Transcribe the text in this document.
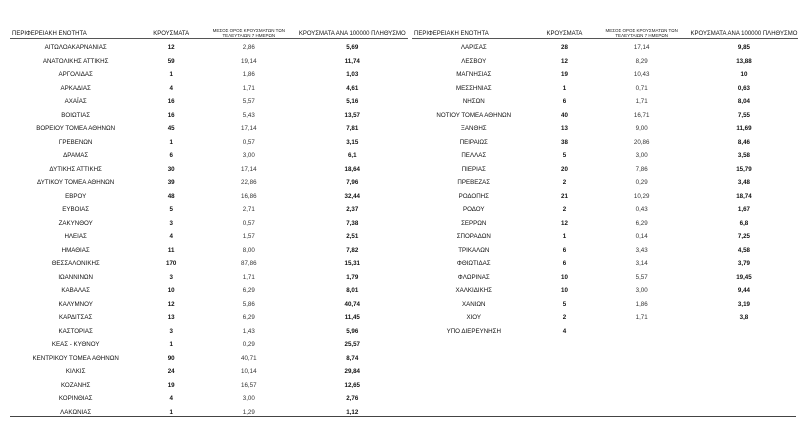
ΠΕΡΙΦΕΡΕΙΑΚΗ ΕΝΟΤΗΤΑ	ΚΡΟΥΣΜΑΤΑ	ΜΕΣΟΣ ΟΡΟΣ ΚΡΟΥΣΜΑΤΩΝ ΤΩΝ ΤΕΛΕΥΤΑΙΩΝ 7 ΗΜΕΡΩΝ	ΚΡΟΥΣΜΑΤΑ ΑΝΑ 100000 ΠΛΗΘΥΣΜΟ
ΑΙΤΩΛΟΑΚΑΡΝΑΝΙΑΣ	12	2,86	5,69
ΑΝΑΤΟΛΙΚΗΣ ΑΤΤΙΚΗΣ	59	19,14	11,74
ΑΡΓΟΛΙΔΑΣ	1	1,86	1,03
ΑΡΚΑΔΙΑΣ	4	1,71	4,61
ΑΧΑΪΑΣ	16	5,57	5,16
ΒΟΙΩΤΙΑΣ	16	5,43	13,57
ΒΟΡΕΙΟΥ ΤΟΜΕΑ ΑΘΗΝΩΝ	45	17,14	7,81
ΓΡΕΒΕΝΩΝ	1	0,57	3,15
ΔΡΑΜΑΣ	6	3,00	6,1
ΔΥΤΙΚΗΣ ΑΤΤΙΚΗΣ	30	17,14	18,64
ΔΥΤΙΚΟΥ ΤΟΜΕΑ ΑΘΗΝΩΝ	39	22,86	7,96
ΕΒΡΟΥ	48	16,86	32,44
ΕΥΒΟΙΑΣ	5	2,71	2,37
ΖΑΚΥΝΘΟΥ	3	0,57	7,38
ΗΛΕΙΑΣ	4	1,57	2,51
ΗΜΑΘΙΑΣ	11	8,00	7,82
ΘΕΣΣΑΛΟΝΙΚΗΣ	170	87,86	15,31
ΙΩΑΝΝΙΝΩΝ	3	1,71	1,79
ΚΑΒΑΛΑΣ	10	6,29	8,01
ΚΑΛΥΜΝΟΥ	12	5,86	40,74
ΚΑΡΔΙΤΣΑΣ	13	6,29	11,45
ΚΑΣΤΟΡΙΑΣ	3	1,43	5,96
ΚΕΑΣ - ΚΥΘΝΟΥ	1	0,29	25,57
ΚΕΝΤΡΙΚΟΥ ΤΟΜΕΑ ΑΘΗΝΩΝ	90	40,71	8,74
ΚΙΛΚΙΣ	24	10,14	29,84
ΚΟΖΑΝΗΣ	19	16,57	12,65
ΚΟΡΙΝΘΙΑΣ	4	3,00	2,76
ΛΑΚΩΝΙΑΣ	1	1,29	1,12
ΠΕΡΙΦΕΡΕΙΑΚΗ ΕΝΟΤΗΤΑ	ΚΡΟΥΣΜΑΤΑ	ΜΕΣΟΣ ΟΡΟΣ ΚΡΟΥΣΜΑΤΩΝ ΤΩΝ ΤΕΛΕΥΤΑΙΩΝ 7 ΗΜΕΡΩΝ	ΚΡΟΥΣΜΑΤΑ ΑΝΑ 100000 ΠΛΗΘΥΣΜΟ
ΛΑΡΙΣΑΣ	28	17,14	9,85
ΛΕΣΒΟΥ	12	8,29	13,88
ΜΑΓΝΗΣΙΑΣ	19	10,43	10
ΜΕΣΣΗΝΙΑΣ	1	0,71	0,63
ΝΗΣΩΝ	6	1,71	8,04
ΝΟΤΙΟΥ ΤΟΜΕΑ ΑΘΗΝΩΝ	40	16,71	7,55
ΞΑΝΘΗΣ	13	9,00	11,69
ΠΕΙΡΑΙΩΣ	38	20,86	8,46
ΠΕΛΛΑΣ	5	3,00	3,58
ΠΙΕΡΙΑΣ	20	7,86	15,79
ΠΡΕΒΕΖΑΣ	2	0,29	3,48
ΡΟΔΟΠΗΣ	21	10,29	18,74
ΡΟΔΟΥ	2	0,43	1,67
ΣΕΡΡΩΝ	12	6,29	6,8
ΣΠΟΡΑΔΩΝ	1	0,14	7,25
ΤΡΙΚΑΛΩΝ	6	3,43	4,58
ΦΘΙΩΤΙΔΑΣ	6	3,14	3,79
ΦΛΩΡΙΝΑΣ	10	5,57	19,45
ΧΑΛΚΙΔΙΚΗΣ	10	3,00	9,44
ΧΑΝΙΩΝ	5	1,86	3,19
ΧΙΟΥ	2	1,71	3,8
ΥΠΟ ΔΙΕΡΕΥΝΗΣΗ	4		
